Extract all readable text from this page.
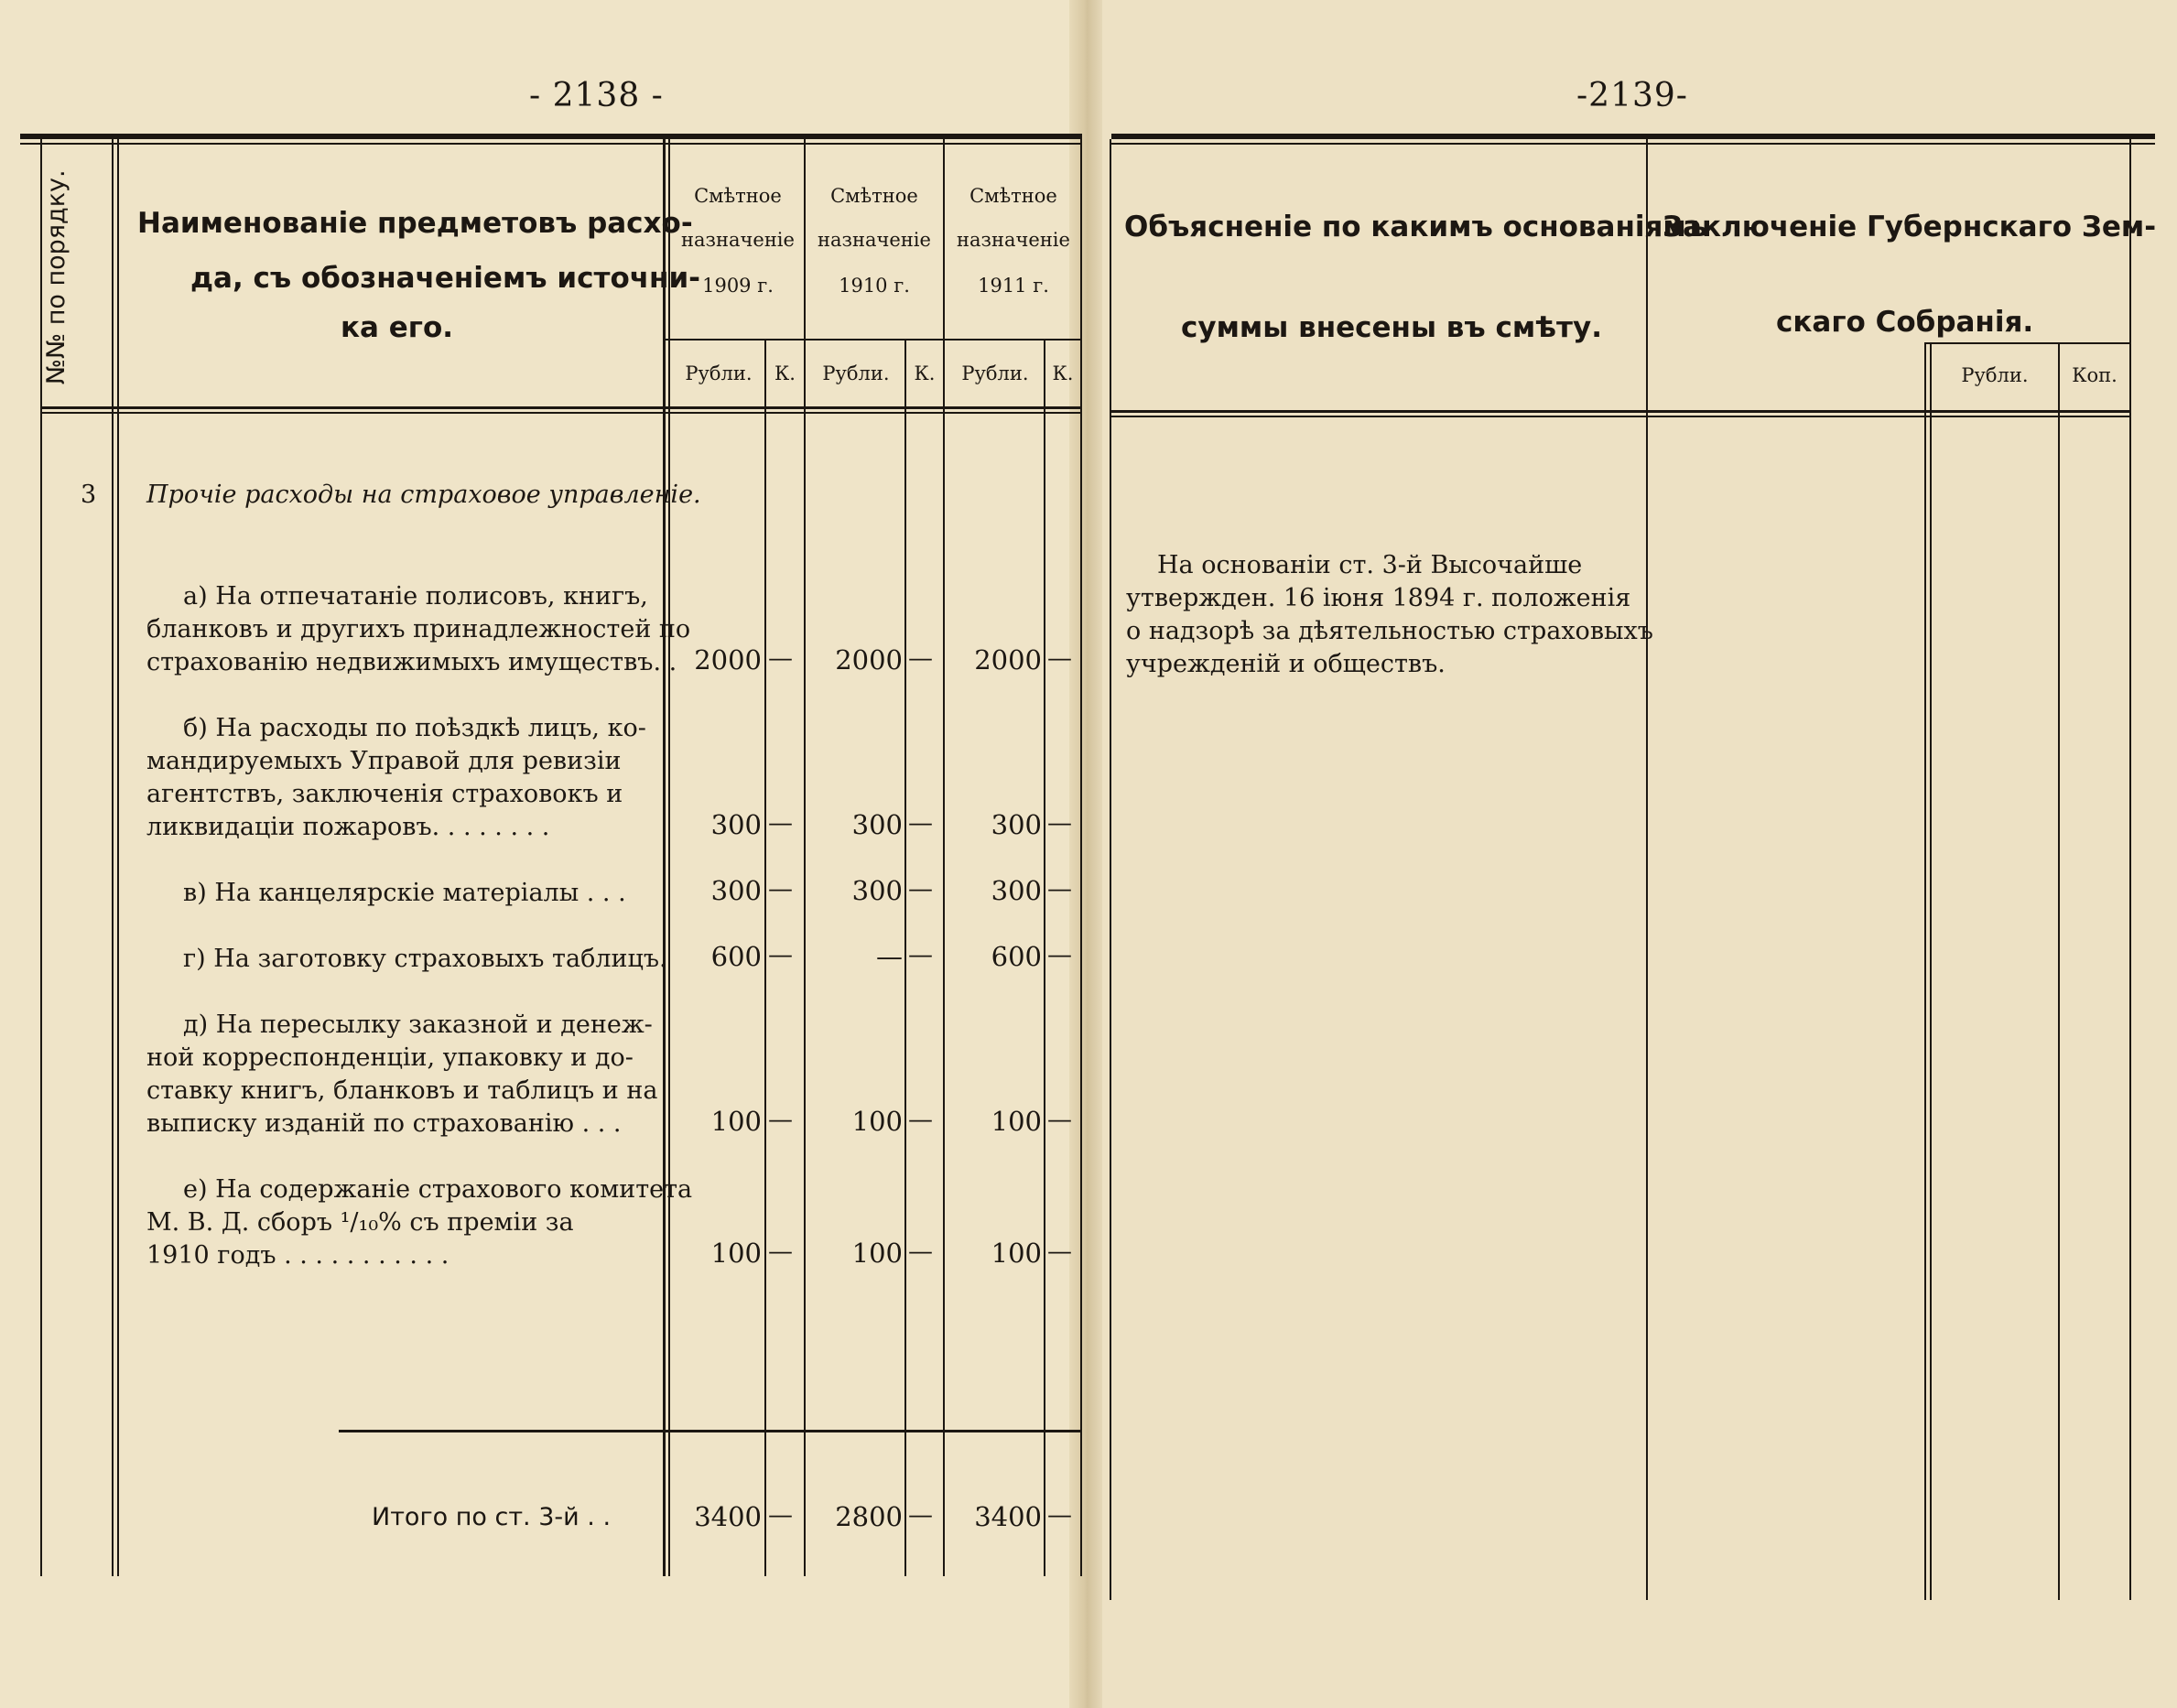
- 2138 -	-2139-
№№ по порядку. Наименованіе предметовъ расхо-
да, съ обозначеніемъ источни-
ка его.
Смѣтное
назначеніе
1909 г.
Смѣтное
назначеніе
1910 г.
Смѣтное
назначеніе
1911 г.
Рубли.	К.	Рубли.	К.	Рубли.	К.
Объясненіе по какимъ основаніямъ
суммы внесены въ смѣту.
Заключеніе Губернскаго Зем-
скаго Собранія.
Рубли.	Коп.
3 Прочіе расходы на страховое управленіе.
а) На отпечатаніе полисовъ, книгъ,
бланковъ и другихъ принадлежностей по
страхованію недвижимыхъ имуществъ. . 2000 —	2000 —	2000 —
б) На расходы по поѣздкѣ лицъ, ко-
мандируемыхъ Управой для ревизіи
агентствъ, заключенія страховокъ и
ликвидаціи пожаровъ. . . . . . . .	300 —	300 —	300 —
в) На канцелярскіе матеріалы . . .	300 —	300 —	300 —
г) На заготовку страховыхъ таблицъ.	600 —	— —	600 —
д) На пересылку заказной и денеж-
ной корреспонденціи, упаковку и до-
ставку книгъ, бланковъ и таблицъ и на
выписку изданій по страхованію . . .	100 —	100 —	100 —
е) На содержаніе страхового комитета
М. В. Д. сборъ ¹/₁₀% съ преміи за
1910 годъ . . . . . . . . . . .	100 —	100 —	100 —
Итого по ст. 3-й . .	3400 —	2800 —	3400 —
На основаніи ст. 3-й Высочайше
утвержден. 16 іюня 1894 г. положенія
о надзорѣ за дѣятельностью страховыхъ
учрежденій и обществъ.
